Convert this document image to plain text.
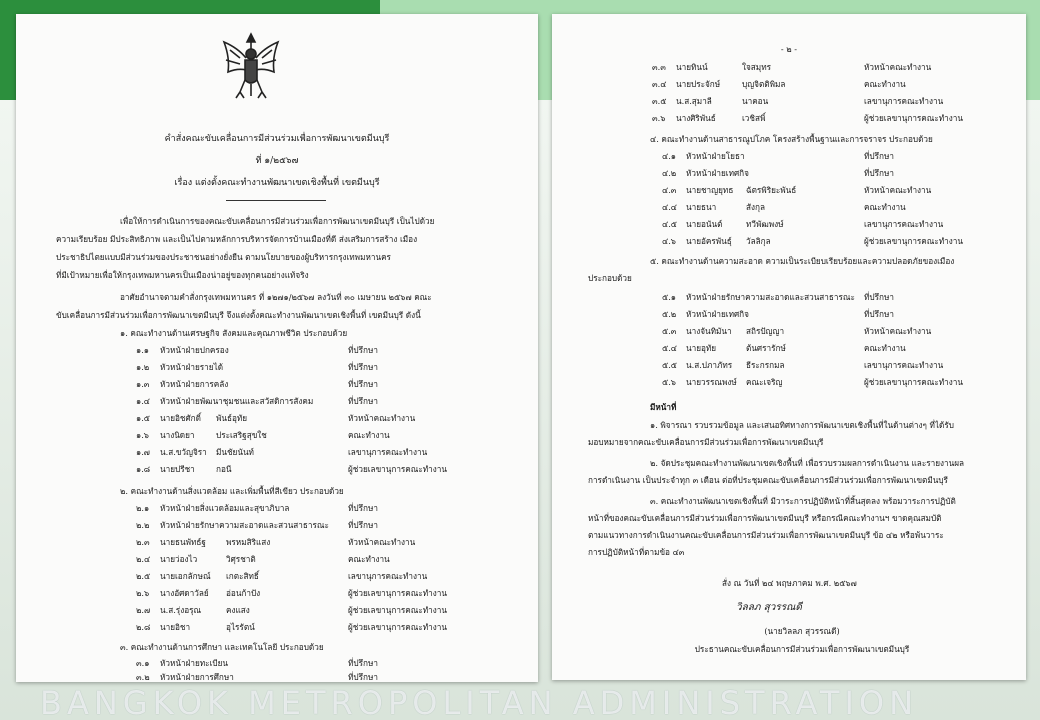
BANGKOK METROPOLITAN ADMINISTRATION
คำสั่งคณะขับเคลื่อนการมีส่วนร่วมเพื่อการพัฒนาเขตมีนบุรี
ที่ ๑/๒๕๖๗
เรื่อง แต่งตั้งคณะทำงานพัฒนาเขตเชิงพื้นที่ เขตมีนบุรี
เพื่อให้การดำเนินการของคณะขับเคลื่อนการมีส่วนร่วมเพื่อการพัฒนาเขตมีนบุรี เป็นไปด้วย
ความเรียบร้อย มีประสิทธิภาพ และเป็นไปตามหลักการบริหารจัดการบ้านเมืองที่ดี ส่งเสริมการสร้าง เมือง
ประชาธิปไตยแบบมีส่วนร่วมของประชาชนอย่างยั่งยืน ตามนโยบายของผู้บริหารกรุงเทพมหานคร
ที่มีเป้าหมายเพื่อให้กรุงเทพมหานครเป็นเมืองน่าอยู่ของทุกคนอย่างแท้จริง
อาศัยอำนาจตามคำสั่งกรุงเทพมหานคร ที่ ๑๒๗๑/๒๕๖๗ ลงวันที่ ๓๐ เมษายน ๒๕๖๗ คณะ
ขับเคลื่อนการมีส่วนร่วมเพื่อการพัฒนาเขตมีนบุรี จึงแต่งตั้งคณะทำงานพัฒนาเขตเชิงพื้นที่ เขตมีนบุรี ดังนี้
๑. คณะทำงานด้านเศรษฐกิจ สังคมและคุณภาพชีวิต ประกอบด้วย
๑.๑ หัวหน้าฝ่ายปกครอง	ที่ปรึกษา
๑.๒ หัวหน้าฝ่ายรายได้	ที่ปรึกษา
๑.๓ หัวหน้าฝ่ายการคลัง	ที่ปรึกษา
๑.๔ หัวหน้าฝ่ายพัฒนาชุมชนและสวัสดิการสังคม	ที่ปรึกษา
๑.๕ นายอิชศักดิ์ พันธ์อุทัย	หัวหน้าคณะทำงาน
๑.๖ นางนิดยา	ประเสริฐสุขใช	คณะทำงาน
๑.๗ น.ส.ขวัญจิรา มีนชัยนันท์	เลขานุการคณะทำงาน
๑.๘ นายปรีชา	กอนี	ผู้ช่วยเลขานุการคณะทำงาน
๒. คณะทำงานด้านสิ่งแวดล้อม และเพิ่มพื้นที่สีเขียว ประกอบด้วย
๒.๑ หัวหน้าฝ่ายสิ่งแวดล้อมและสุขาภิบาล	ที่ปรึกษา
๒.๒ หัวหน้าฝ่ายรักษาความสะอาดและสวนสาธารณะ ที่ปรึกษา
๒.๓ นายธนพัทธ์ฐ พรหมสิริแสง	หัวหน้าคณะทำงาน
๒.๔ นายว่องไว	วิศุรชาติ	คณะทำงาน
๒.๕ นายเอกลักษณ์ เกตะสิทธิ์	เลขานุการคณะทำงาน
๒.๖ นางอัศดาวัลย์ อ่อนก้าปัง	ผู้ช่วยเลขานุการคณะทำงาน
๒.๗ น.ส.รุ่งอรุณ	คงแสง	ผู้ช่วยเลขานุการคณะทำงาน
๒.๘ นายอิชา	อุไรรัตน์	ผู้ช่วยเลขานุการคณะทำงาน
๓. คณะทำงานด้านการศึกษา และเทคโนโลยี ประกอบด้วย
๓.๑ หัวหน้าฝ่ายทะเบียน	ที่ปรึกษา
๓.๒ หัวหน้าฝ่ายการศึกษา	ที่ปรึกษา
- ๒ -
๓.๓ นายทินน์	ใจสมุทร	หัวหน้าคณะทำงาน
๓.๔ นายประจักษ์	บุญจิตติพิมล	คณะทำงาน
๓.๕ น.ส.สุมาลี	นาคอน	เลขานุการคณะทำงาน
๓.๖ นางศิริพันธ์	เวชิสพิ์	ผู้ช่วยเลขานุการคณะทำงาน
๔. คณะทำงานด้านสาธารณูปโภค โครงสร้างพื้นฐานและการจราจร ประกอบด้วย
๔.๑ หัวหน้าฝ่ายโยธา	ที่ปรึกษา
๔.๒ หัวหน้าฝ่ายเทศกิจ	ที่ปรึกษา
๔.๓ นายชาญยุทธ ฉัตรพิริยะพันธ์	หัวหน้าคณะทำงาน
๔.๔ นายธนา	สังกุล	คณะทำงาน
๔.๕ นายอนันต์	ทวีพัฒพงษ์	เลขานุการคณะทำงาน
๔.๖ นายอัครพันธุ์ วัลลิกุล	ผู้ช่วยเลขานุการคณะทำงาน
๕. คณะทำงานด้านความสะอาด ความเป็นระเบียบเรียบร้อยและความปลอดภัยของเมือง
ประกอบด้วย
๕.๑ หัวหน้าฝ่ายรักษาความสะอาดและสวนสาธารณะ ที่ปรึกษา
๕.๒ หัวหน้าฝ่ายเทศกิจ	ที่ปรึกษา
๕.๓ นางจันทิมันา สถิรปัญญา	หัวหน้าคณะทำงาน
๕.๔ นายอุทัย	ต้นศรารักษ์	คณะทำงาน
๕.๕ น.ส.ปภาภัทร ธีระกรกมล	เลขานุการคณะทำงาน
๕.๖ นายวรรณพงษ์ คณะเจริญ	ผู้ช่วยเลขานุการคณะทำงาน
มีหน้าที่
๑. พิจารณา รวบรวมข้อมูล และเสนอทิศทางการพัฒนาเขตเชิงพื้นที่ในด้านต่างๆ ที่ได้รับ
มอบหมายจากคณะขับเคลื่อนการมีส่วนร่วมเพื่อการพัฒนาเขตมีนบุรี
๒. จัดประชุมคณะทำงานพัฒนาเขตเชิงพื้นที่ เพื่อรวบรวมผลการดำเนินงาน และรายงานผล
การดำเนินงาน เป็นประจำทุก ๓ เดือน ต่อที่ประชุมคณะขับเคลื่อนการมีส่วนร่วมเพื่อการพัฒนาเขตมีนบุรี
๓. คณะทำงานพัฒนาเขตเชิงพื้นที่ มีวาระการปฏิบัติหน้าที่สิ้นสุดลง พร้อมวาระการปฏิบัติ
หน้าที่ของคณะขับเคลื่อนการมีส่วนร่วมเพื่อการพัฒนาเขตมีนบุรี หรือกรณีคณะทำงานฯ ขาดคุณสมบัติ
ตามแนวทางการดำเนินงานคณะขับเคลื่อนการมีส่วนร่วมเพื่อการพัฒนาเขตมีนบุรี ข้อ ๔๒ หรือพ้นวาระ
การปฏิบัติหน้าที่ตามข้อ ๔๓
สั่ง ณ วันที่ ๒๔ พฤษภาคม พ.ศ. ๒๕๖๗
วิลลภ สุวรรณดี
(นายวิลลภ สุวรรณดี)
ประธานคณะขับเคลื่อนการมีส่วนร่วมเพื่อการพัฒนาเขตมีนบุรี
